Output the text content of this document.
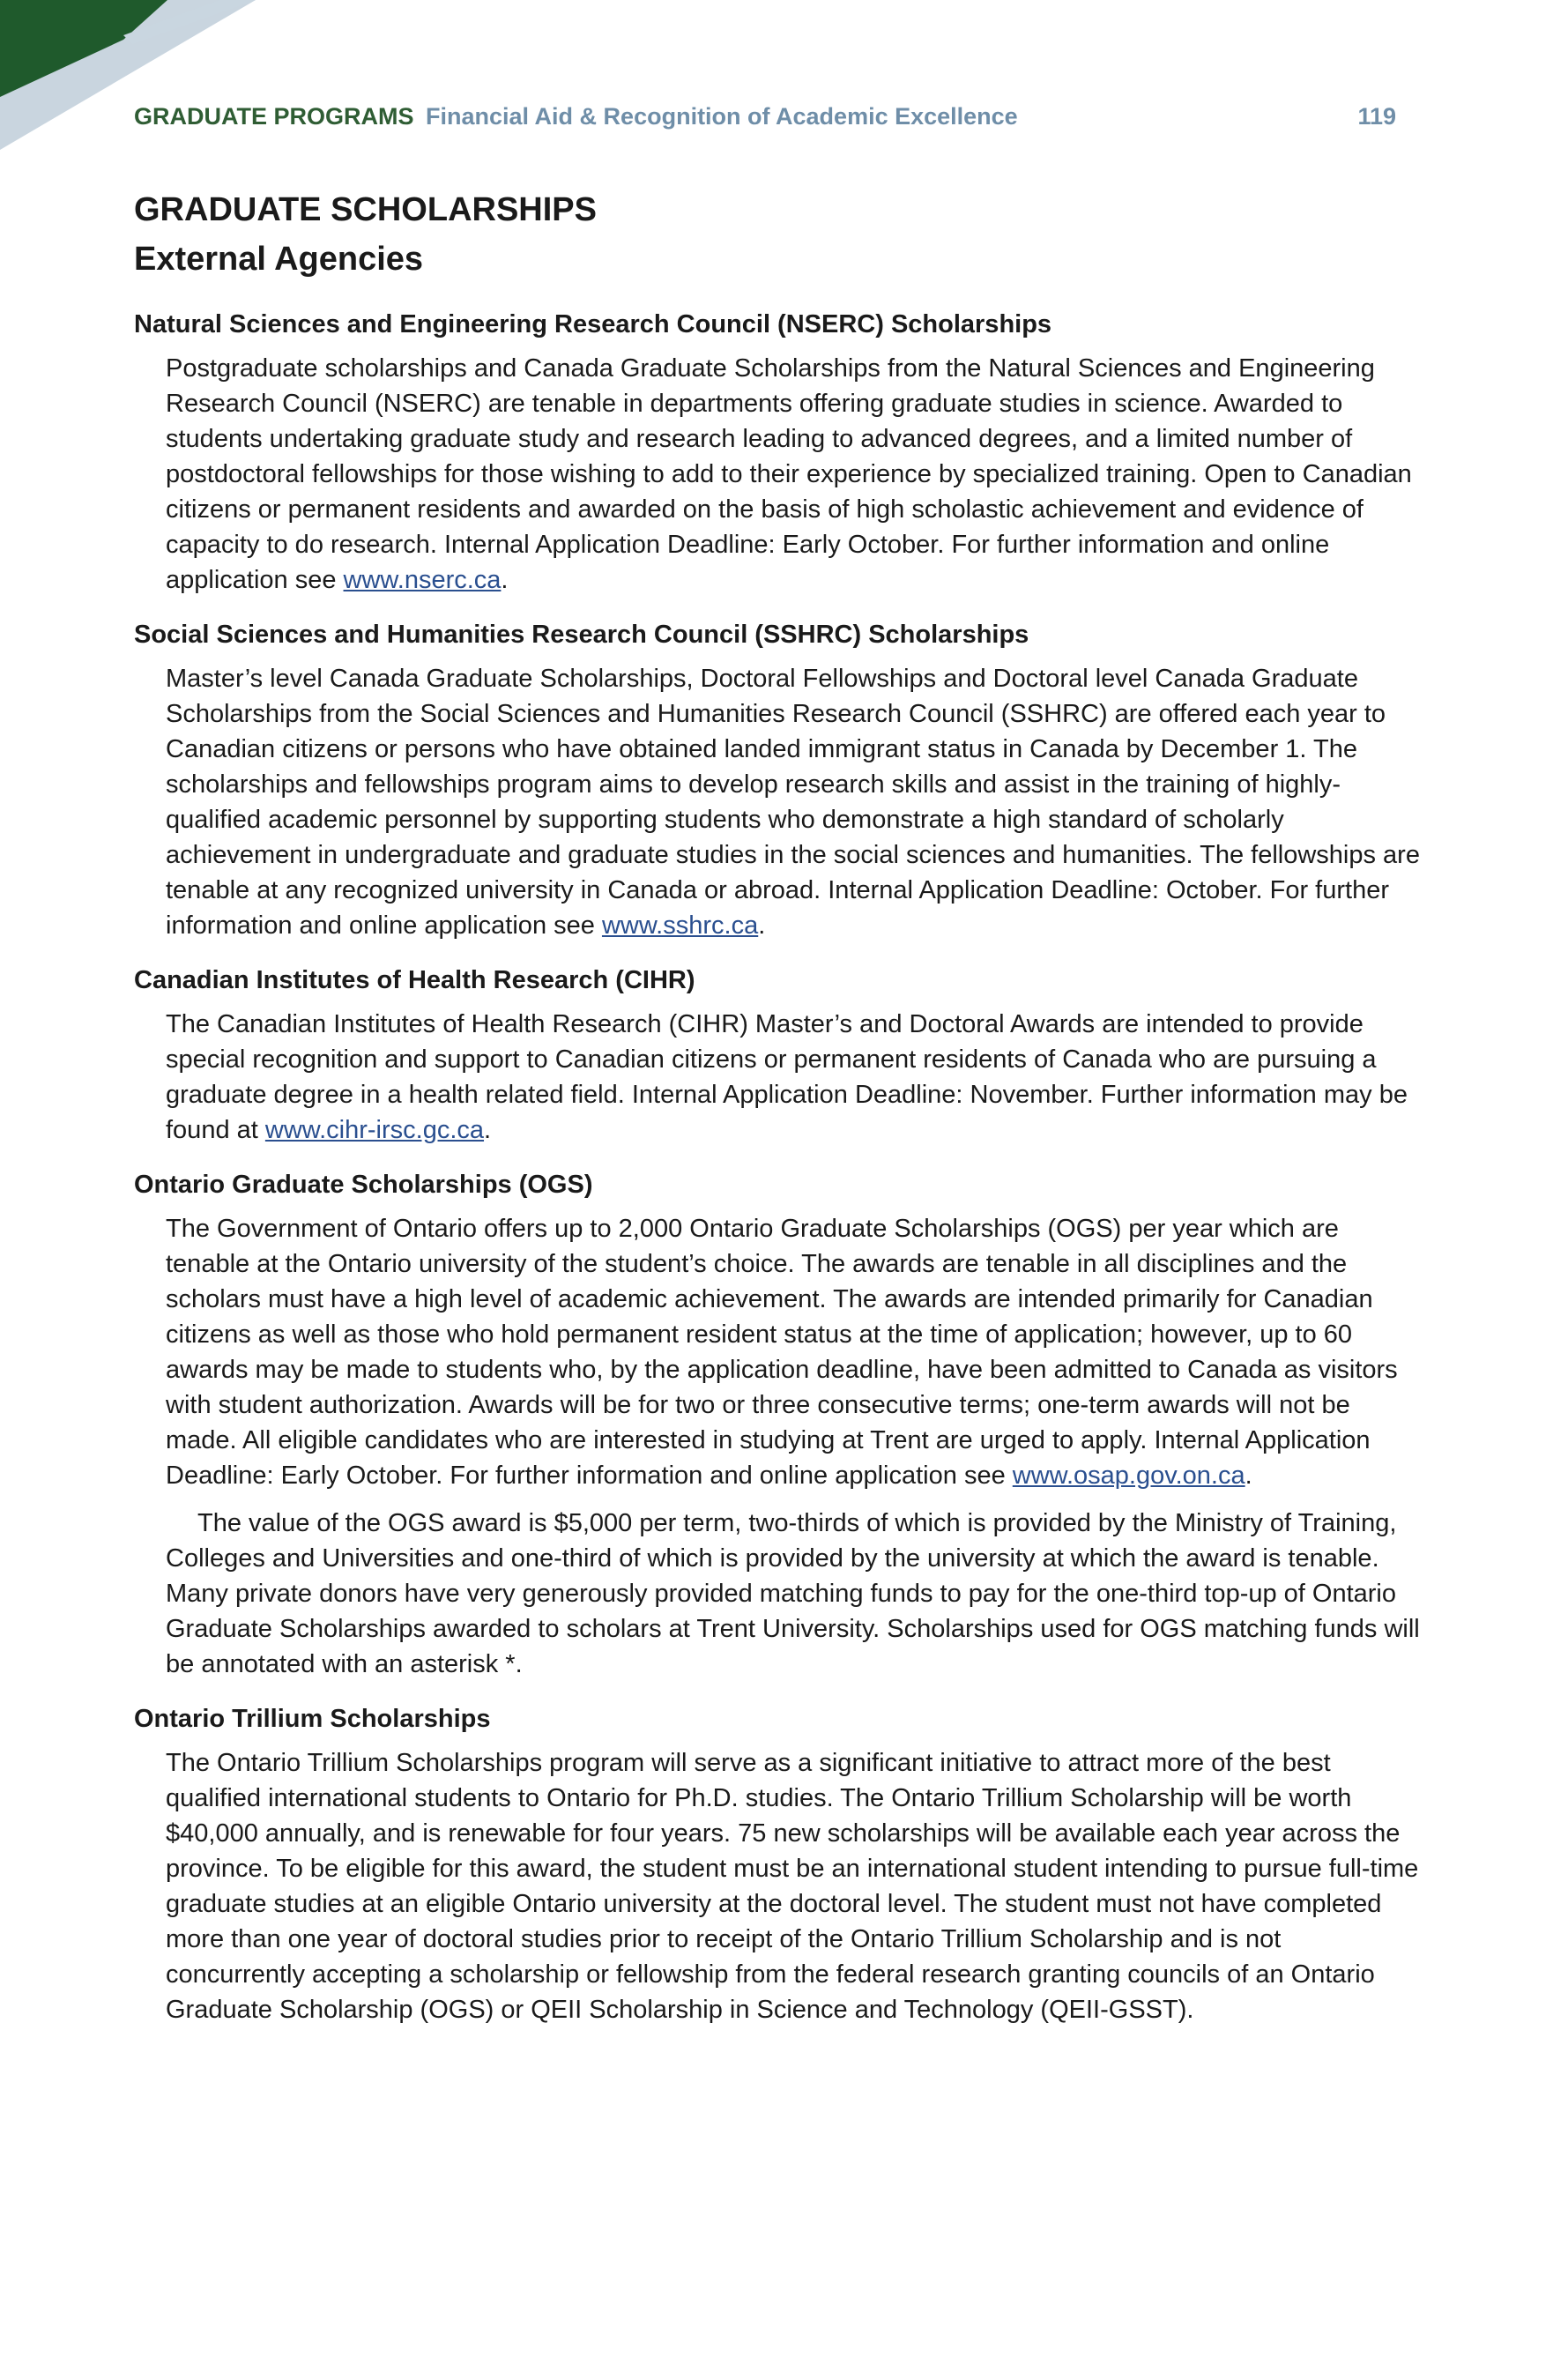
GRADUATE PROGRAMS Financial Aid & Recognition of Academic Excellence	119
GRADUATE SCHOLARSHIPS
External Agencies
Natural Sciences and Engineering Research Council (NSERC) Scholarships

Postgraduate scholarships and Canada Graduate Scholarships from the Natural Sciences and Engineering Research Council (NSERC) are tenable in departments offering graduate studies in science. Awarded to students undertaking graduate study and research leading to advanced degrees, and a limited number of postdoctoral fellowships for those wishing to add to their experience by specialized training. Open to Canadian citizens or permanent residents and awarded on the basis of high scholastic achievement and evidence of capacity to do research. Internal Application Deadline: Early October. For further information and online application see www.nserc.ca.

Social Sciences and Humanities Research Council (SSHRC) Scholarships

Master’s level Canada Graduate Scholarships, Doctoral Fellowships and Doctoral level Canada Graduate Scholarships from the Social Sciences and Humanities Research Council (SSHRC) are offered each year to Canadian citizens or persons who have obtained landed immigrant status in Canada by December 1. The scholarships and fellowships program aims to develop research skills and assist in the training of highly-qualified academic personnel by supporting students who demonstrate a high standard of scholarly achievement in undergraduate and graduate studies in the social sciences and humanities. The fellowships are tenable at any recognized university in Canada or abroad. Internal Application Deadline: October. For further information and online application see www.sshrc.ca.

Canadian Institutes of Health Research (CIHR)

The Canadian Institutes of Health Research (CIHR) Master’s and Doctoral Awards are intended to provide special recognition and support to Canadian citizens or permanent residents of Canada who are pursuing a graduate degree in a health related field. Internal Application Deadline: November. Further information may be found at www.cihr-irsc.gc.ca.

Ontario Graduate Scholarships (OGS)

The Government of Ontario offers up to 2,000 Ontario Graduate Scholarships (OGS) per year which are tenable at the Ontario university of the student’s choice. The awards are tenable in all disciplines and the scholars must have a high level of academic achievement. The awards are intended primarily for Canadian citizens as well as those who hold permanent resident status at the time of application; however, up to 60 awards may be made to students who, by the application deadline, have been admitted to Canada as visitors with student authorization. Awards will be for two or three consecutive terms; one-term awards will not be made. All eligible candidates who are interested in studying at Trent are urged to apply. Internal Application Deadline: Early October. For further information and online application see www.osap.gov.on.ca.

The value of the OGS award is $5,000 per term, two-thirds of which is provided by the Ministry of Training, Colleges and Universities and one-third of which is provided by the university at which the award is tenable. Many private donors have very generously provided matching funds to pay for the one-third top-up of Ontario Graduate Scholarships awarded to scholars at Trent University. Scholarships used for OGS matching funds will be annotated with an asterisk *.

Ontario Trillium Scholarships

The Ontario Trillium Scholarships program will serve as a significant initiative to attract more of the best qualified international students to Ontario for Ph.D. studies. The Ontario Trillium Scholarship will be worth $40,000 annually, and is renewable for four years. 75 new scholarships will be available each year across the province. To be eligible for this award, the student must be an international student intending to pursue full-time graduate studies at an eligible Ontario university at the doctoral level. The student must not have completed more than one year of doctoral studies prior to receipt of the Ontario Trillium Scholarship and is not concurrently accepting a scholarship or fellowship from the federal research granting councils of an Ontario Graduate Scholarship (OGS) or QEII Scholarship in Science and Technology (QEII-GSST).
